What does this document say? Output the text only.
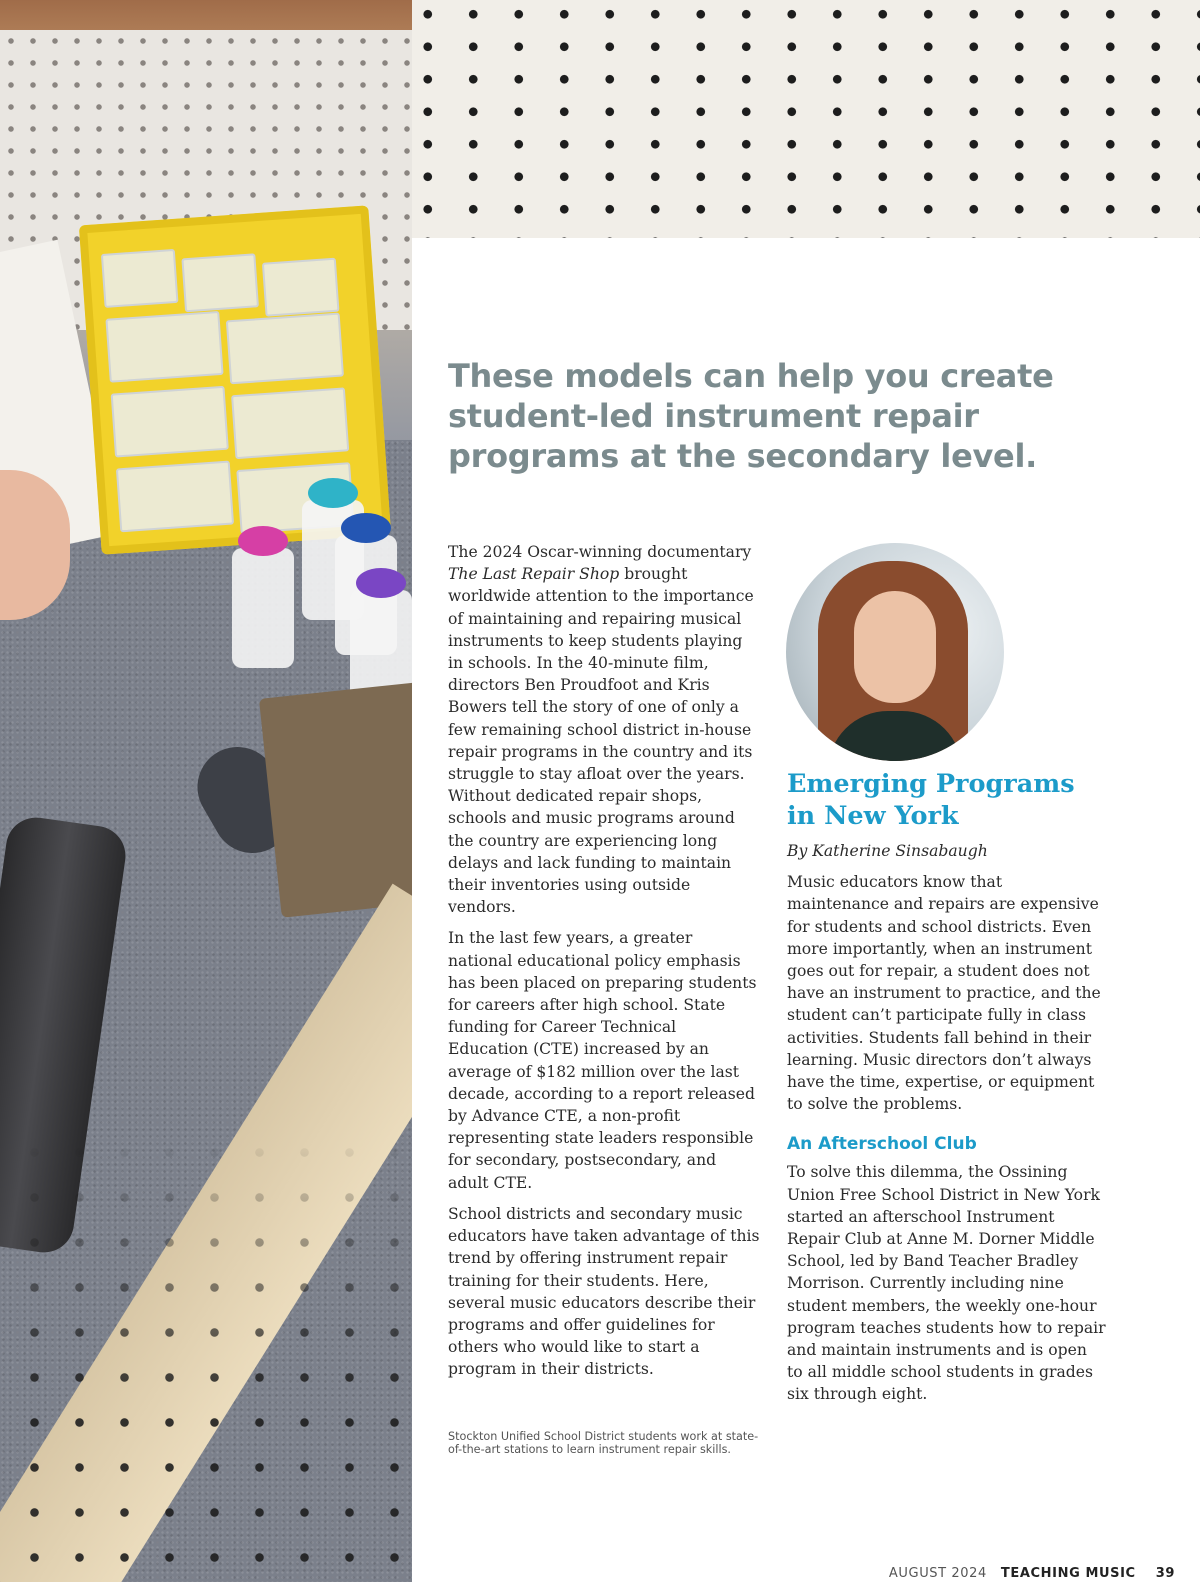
These models can help you create student-led instrument repair programs at the secondary level.

The 2024 Oscar-winning documentary The Last Repair Shop brought worldwide attention to the importance of maintaining and repairing musical instruments to keep students playing in schools. In the 40-minute film, directors Ben Proudfoot and Kris Bowers tell the story of one of only a few remaining school district in-house repair programs in the country and its struggle to stay afloat over the years. Without dedicated repair shops, schools and music programs around the country are experiencing long delays and lack funding to maintain their inventories using outside vendors.

In the last few years, a greater national educational policy emphasis has been placed on preparing students for careers after high school. State funding for Career Technical Education (CTE) increased by an average of $182 million over the last decade, according to a report released by Advance CTE, a non-profit representing state leaders responsible for secondary, postsecondary, and adult CTE.

School districts and secondary music educators have taken advantage of this trend by offering instrument repair training for their students. Here, several music educators describe their programs and offer guidelines for others who would like to start a program in their districts.

Stockton Unified School District students work at state-of-the-art stations to learn instrument repair skills.
Emerging Programs in New York
By Katherine Sinsabaugh

Music educators know that maintenance and repairs are expensive for students and school districts. Even more importantly, when an instrument goes out for repair, a student does not have an instrument to practice, and the student can’t participate fully in class activities. Students fall behind in their learning. Music directors don’t always have the time, expertise, or equipment to solve the problems.

An Afterschool Club

To solve this dilemma, the Ossining Union Free School District in New York started an afterschool Instrument Repair Club at Anne M. Dorner Middle School, led by Band Teacher Bradley Morrison. Currently including nine student members, the weekly one-hour program teaches students how to repair and maintain instruments and is open to all middle school students in grades six through eight.

AUGUST 2024 TEACHING MUSIC 39
